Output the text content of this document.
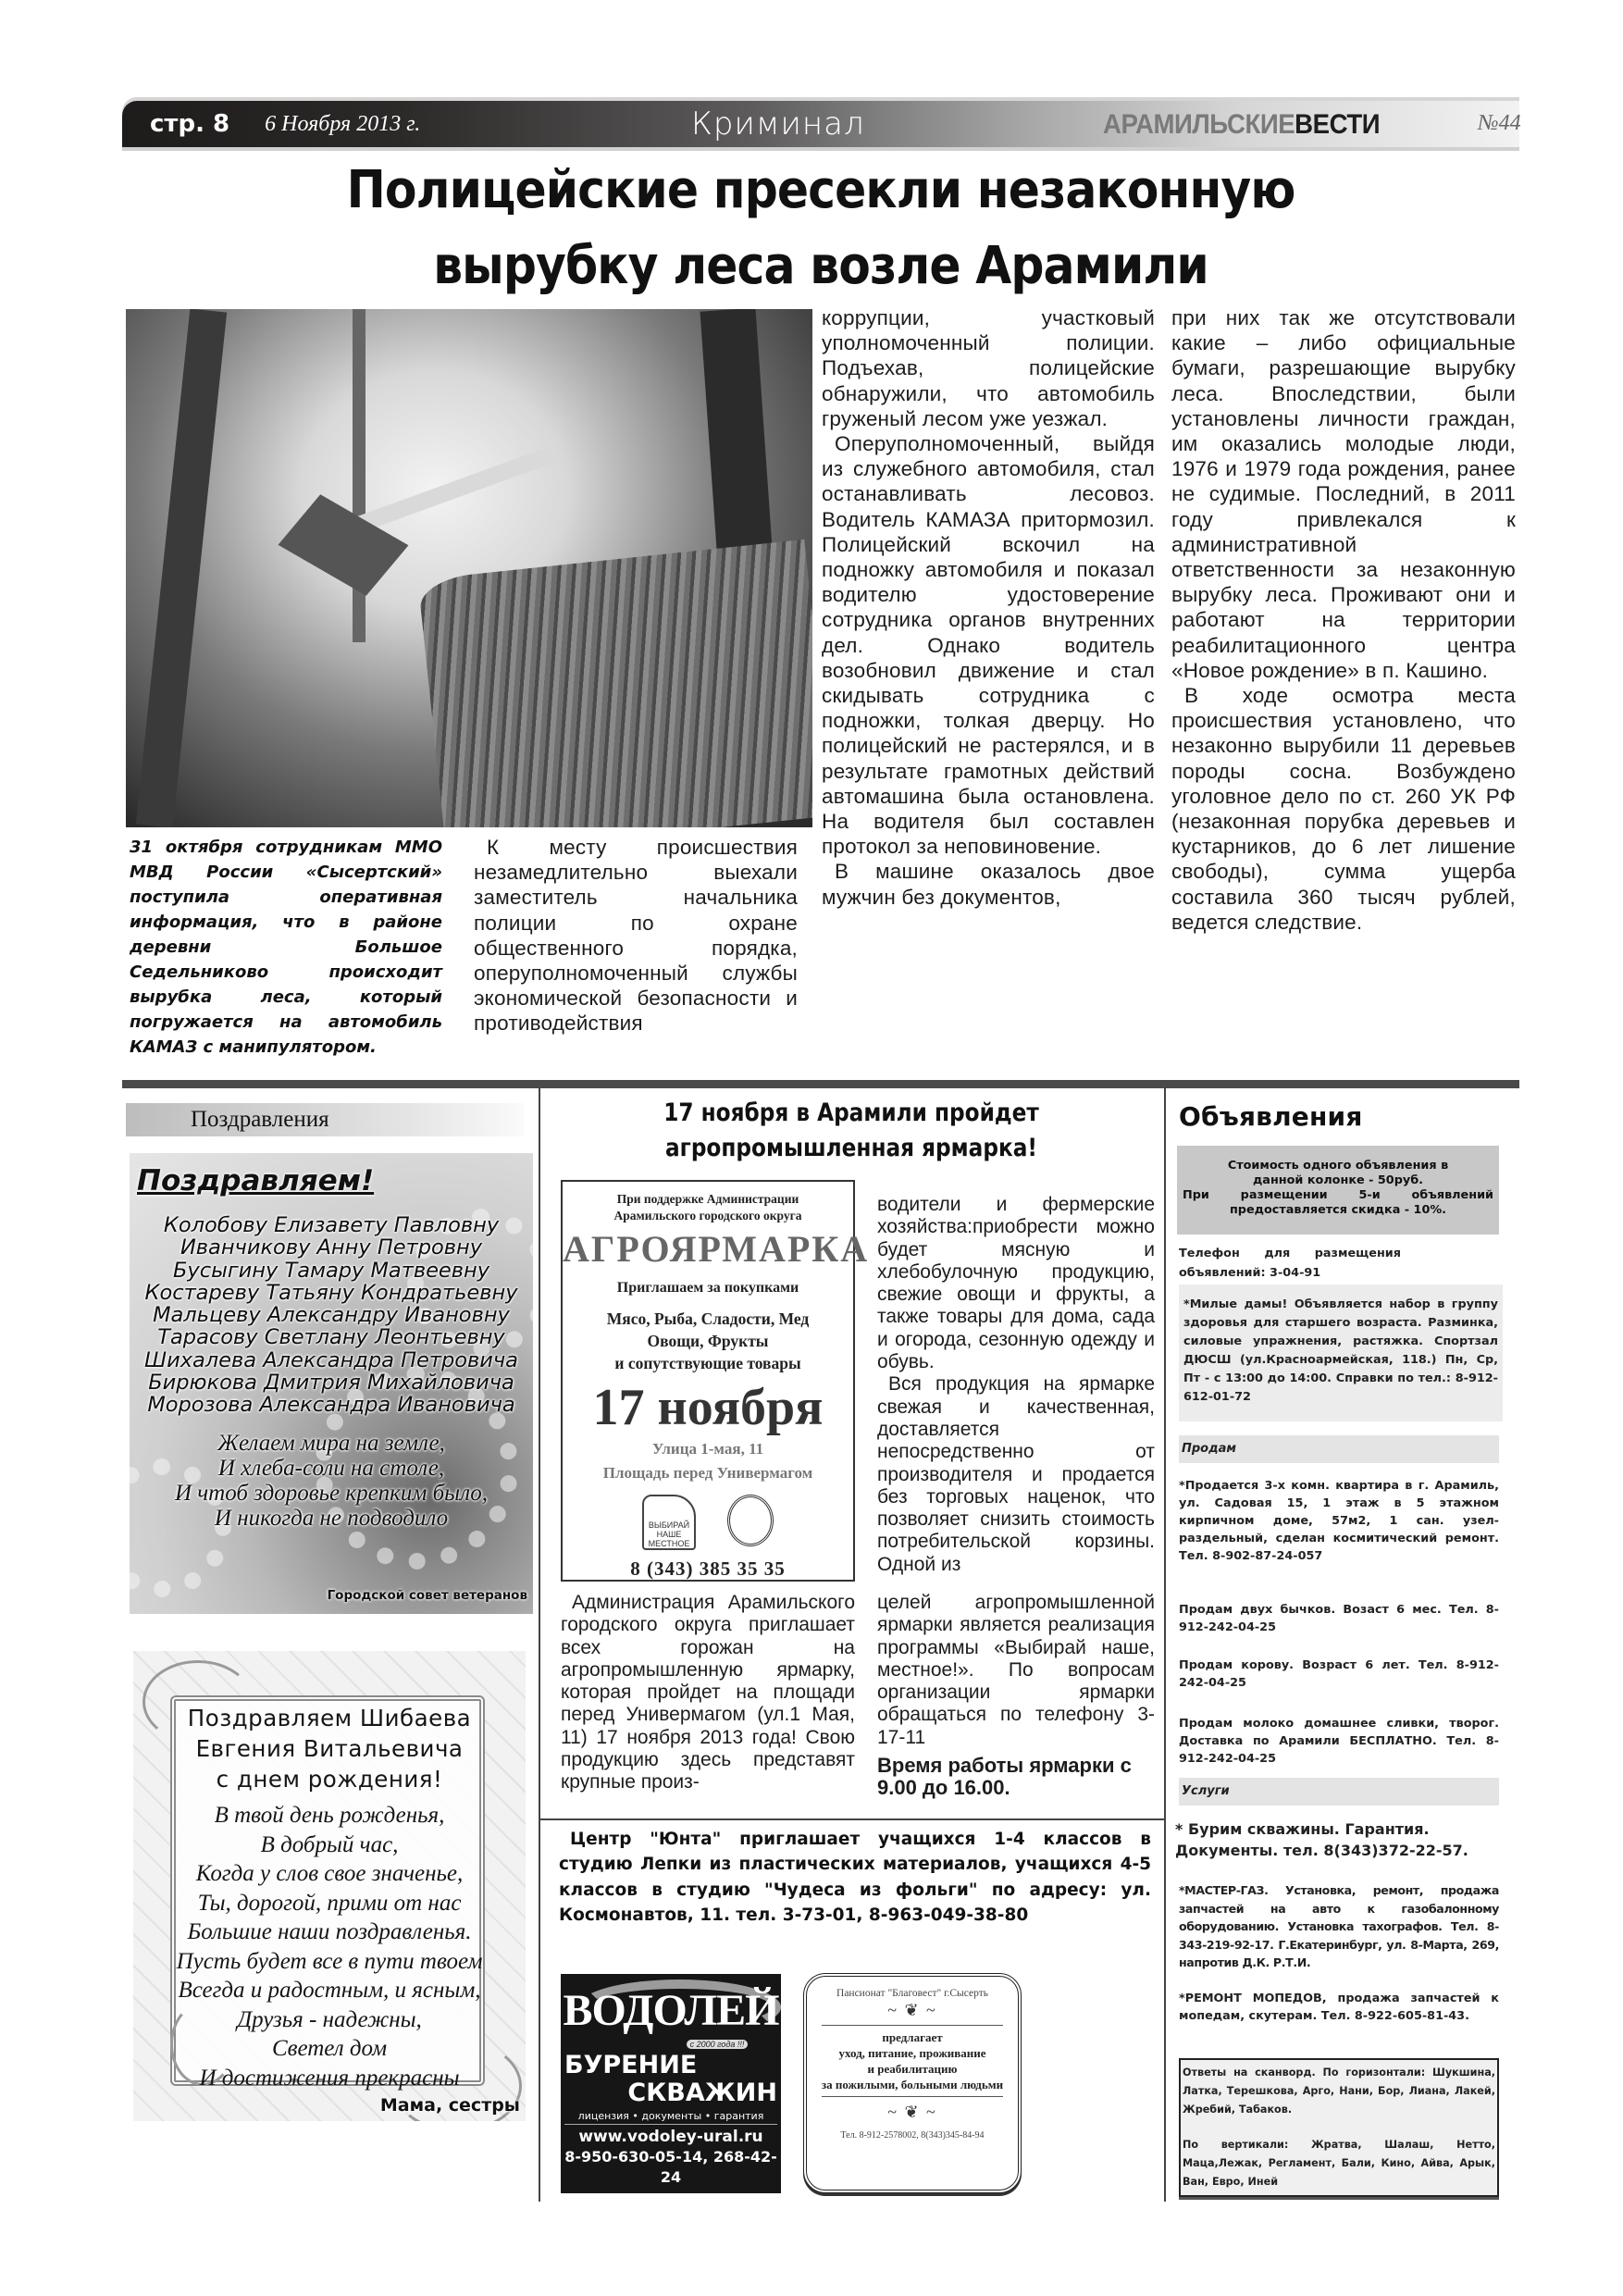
стр. 8 6 Ноября 2013 г.	Криминал	АРАМИЛЬСКИЕВЕСТИ	№44
Полицейские пресекли незаконную
вырубку леса возле Арамили
31 октября сотрудникам ММО МВД России «Сысертский» поступила оперативная информация, что в районе деревни Большое Седельниково происходит вырубка леса, который погружается на автомобиль КАМАЗ с манипулятором.

К месту происшествия незамедлительно выехали заместитель начальника полиции по охране общественного порядка, оперуполномоченный службы экономической безопасности и противодействия

коррупции, участковый уполномоченный полиции. Подъехав, полицейские обнаружили, что автомобиль груженый лесом уже уезжал.

Оперуполномоченный, выйдя из служебного автомобиля, стал останавливать лесовоз. Водитель КАМАЗА притормозил. Полицейский вскочил на подножку автомобиля и показал водителю удостоверение сотрудника органов внутренних дел. Однако водитель возобновил движение и стал скидывать сотрудника с подножки, толкая дверцу. Но полицейский не растерялся, и в результате грамотных действий автомашина была остановлена. На водителя был составлен протокол за неповиновение.

В машине оказалось двое мужчин без документов,

при них так же отсутствовали какие – либо официальные бумаги, разрешающие вырубку леса. Впоследствии, были установлены личности граждан, им оказались молодые люди, 1976 и 1979 года рождения, ранее не судимые. Последний, в 2011 году привлекался к административной ответственности за незаконную вырубку леса. Проживают они и работают на территории реабилитационного центра «Новое рождение» в п. Кашино.

В ходе осмотра места происшествия установлено, что незаконно вырубили 11 деревьев породы сосна. Возбуждено уголовное дело по ст. 260 УК РФ (незаконная порубка деревьев и кустарников, до 6 лет лишение свободы), сумма ущерба составила 360 тысяч рублей, ведется следствие.

Поздравления
Поздравляем!
Колобову Елизавету Павловну
Иванчикову Анну Петровну
Бусыгину Тамару Матвеевну
Костареву Татьяну Кондратьевну
Мальцеву Александру Ивановну
Тарасову Светлану Леонтьевну
Шихалева Александра Петровича
Бирюкова Дмитрия Михайловича
Морозова Александра Ивановича
Желаем мира на земле,
И хлеба-соли на столе,
И чтоб здоровье крепким было,
И никогда не подводило
Городской совет ветеранов
Поздравляем Шибаева
Евгения Витальевича
с днем рождения!
В твой день рожденья,
В добрый час,
Когда у слов свое значенье,
Ты, дорогой, прими от нас
Большие наши поздравленья.
Пусть будет все в пути твоем
Всегда и радостным, и ясным,
Друзья - надежны,
Светел дом
И достижения прекрасны
Мама, сестры
17 ноября в Арамили пройдет агропромышленная ярмарка!
При поддержке Администрации
Арамильского городского округа
АГРОЯРМАРКА
Приглашаем за покупками
Мясо, Рыба, Сладости, Мед
Овощи, Фрукты
и сопутствующие товары
17 ноября
Улица 1-мая, 11
Площадь перед Универмагом
ВЫБИРАЙ
НАШЕ
МЕСТНОЕ
8 (343) 385 35 35

водители и фермерские хозяйства:приобрести можно будет мясную и хлебобулочную продукцию, свежие овощи и фрукты, а также товары для дома, сада и огорода, сезонную одежду и обувь.

Вся продукция на ярмарке свежая и качественная, доставляется непосредственно от производителя и продается без торговых наценок, что позволяет снизить стоимость потребительской корзины. Одной из

Администрация Арамильского городского округа приглашает всех горожан на агропромышленную ярмарку, которая пройдет на площади перед Универмагом (ул.1 Мая, 11) 17 ноября 2013 года! Свою продукцию здесь представят крупные произ-

целей агропромышленной ярмарки является реализация программы «Выбирай наше, местное!». По вопросам организации ярмарки обращаться по телефону 3-17-11

Время работы ярмарки с 9.00 до 16.00.

Центр "Юнта" приглашает учащихся 1-4 классов в студию Лепки из пластических материалов, учащихся 4-5 классов в студию "Чудеса из фольги" по адресу: ул. Космонавтов, 11. тел. 3-73-01, 8-963-049-38-80
ВОДОЛЕЙ
с 2000 года !!!
БУРЕНИЕ
СКВАЖИН
лицензия • документы • гарантия
www.vodoley-ural.ru
8-950-630-05-14, 268-42-24
Пансионат "Благовест" г.Сысерть
~ ❦ ~
предлагает
уход, питание, проживание
и реабилитацию
за пожилыми, больными людьми
~ ❦ ~
Тел. 8-912-2578002, 8(343)345-84-94
Объявления
Стоимость одного объявления в
данной колонке - 50руб.
При размещении 5-и объявлений
предоставляется скидка - 10%.
Телефон для размещения
объявлений: 3-04-91
*Милые дамы! Объявляется набор в группу здоровья для старшего возраста. Разминка, силовые упражнения, растяжка. Спортзал ДЮСШ (ул.Красноармейская, 118.) Пн, Ср, Пт - с 13:00 до 14:00. Справки по тел.: 8-912-612-01-72
Продам
*Продается 3-х комн. квартира в г. Арамиль, ул. Садовая 15, 1 этаж в 5 этажном кирпичном доме, 57м2, 1 сан. узел-раздельный, сделан космитический ремонт. Тел. 8-902-87-24-057
Продам двух бычков. Возаст 6 мес. Тел. 8-912-242-04-25
Продам корову. Возраст 6 лет. Тел. 8-912-242-04-25
Продам молоко домашнее сливки, творог. Доставка по Арамили БЕСПЛАТНО. Тел. 8-912-242-04-25
Услуги
* Бурим скважины. Гарантия. Документы. тел. 8(343)372-22-57.
*МАСТЕР-ГАЗ. Установка, ремонт, продажа запчастей на авто к газобалонному оборудованию. Установка тахографов. Тел. 8-343-219-92-17. Г.Екатеринбург, ул. 8-Марта, 269, напротив Д.К. Р.Т.И.
*РЕМОНТ МОПЕДОВ, продажа запчастей к мопедам, скутерам. Тел. 8-922-605-81-43.

Ответы на сканворд. По горизонтали: Шукшина, Латка, Терешкова, Арго, Нани, Бор, Лиана, Лакей, Жребий, Табаков.

По вертикали: Жратва, Шалаш, Нетто, Маца,Лежак, Регламент, Бали, Кино, Айва, Арык, Ван, Евро, Иней
